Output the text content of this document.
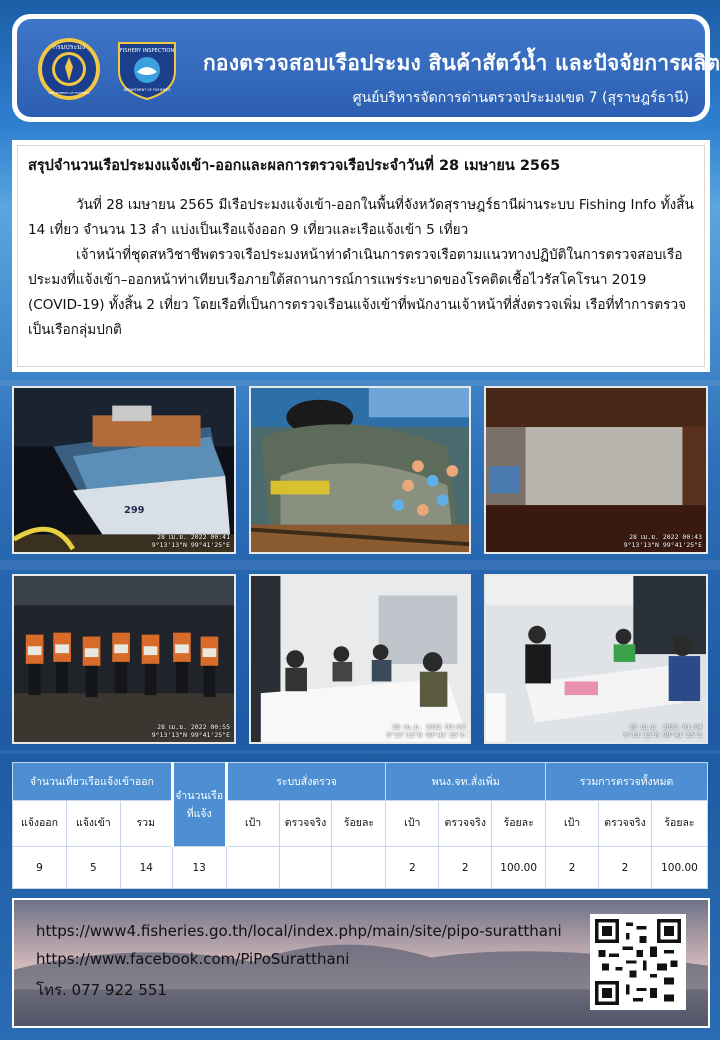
กรมประมง
DEPARTMENT OF FISHERIES
FISHERY INSPECTION
DEPARTMENT OF FISHERIES
กองตรวจสอบเรือประมง สินค้าสัตว์น้ำ และปัจจัยการผลิต
ศูนย์บริหารจัดการด่านตรวจประมงเขต 7 (สุราษฎร์ธานี)
สรุปจำนวนเรือประมงแจ้งเข้า-ออกและผลการตรวจเรือประจำวันที่ 28 เมษายน 2565

วันที่ 28 เมษายน 2565 มีเรือประมงแจ้งเข้า-ออกในพื้นที่จังหวัดสุราษฎร์ธานีผ่านระบบ Fishing Info ทั้งสิ้น 14 เที่ยว จำนวน 13 ลำ แบ่งเป็นเรือแจ้งออก 9 เที่ยวและเรือแจ้งเข้า 5 เที่ยว

เจ้าหน้าที่ชุดสหวิชาชีพตรวจเรือประมงหน้าท่าดำเนินการตรวจเรือตามแนวทางปฏิบัติในการตรวจสอบเรือประมงที่แจ้งเข้า–ออกหน้าท่าเทียบเรือภายใต้สถานการณ์การแพร่ระบาดของโรคติดเชื้อไวรัสโคโรนา 2019 (COVID-19) ทั้งสิ้น 2 เที่ยว โดยเรือที่เป็นการตรวจเรือนแจ้งเข้าที่พนักงานเจ้าหน้าที่สั่งตรวจเพิ่ม เรือที่ทำการตรวจเป็นเรือกลุ่มปกติ

299
28 เม.ย. 2022 00:41
9°13'13"N 99°41'25"E
28 เม.ย. 2022 00:43
9°13'13"N 99°41'25"E
28 เม.ย. 2022 00:55
9°13'13"N 99°41'25"E
28 เม.ย. 2022 03:02
9°13'13"N 99°41'25"E
28 เม.ย. 2022 01:04
9°13'13"N 99°41'25"E
จำนวนเที่ยวเรือแจ้งเข้าออก			จำนวนเรือที่แจ้ง	ระบบสั่งตรวจ			พนง.จท.สั่งเพิ่ม			รวมการตรวจทั้งหมด		
แจ้งออก	แจ้งเข้า	รวม		เป้า	ตรวจจริง	ร้อยละ	เป้า	ตรวจจริง	ร้อยละ	เป้า	ตรวจจริง	ร้อยละ
9	5	14	13				2	2	100.00	2	2	100.00
https://www4.fisheries.go.th/local/index.php/main/site/pipo-suratthani
https://www.facebook.com/PiPoSuratthani
โทร. 077 922 551
